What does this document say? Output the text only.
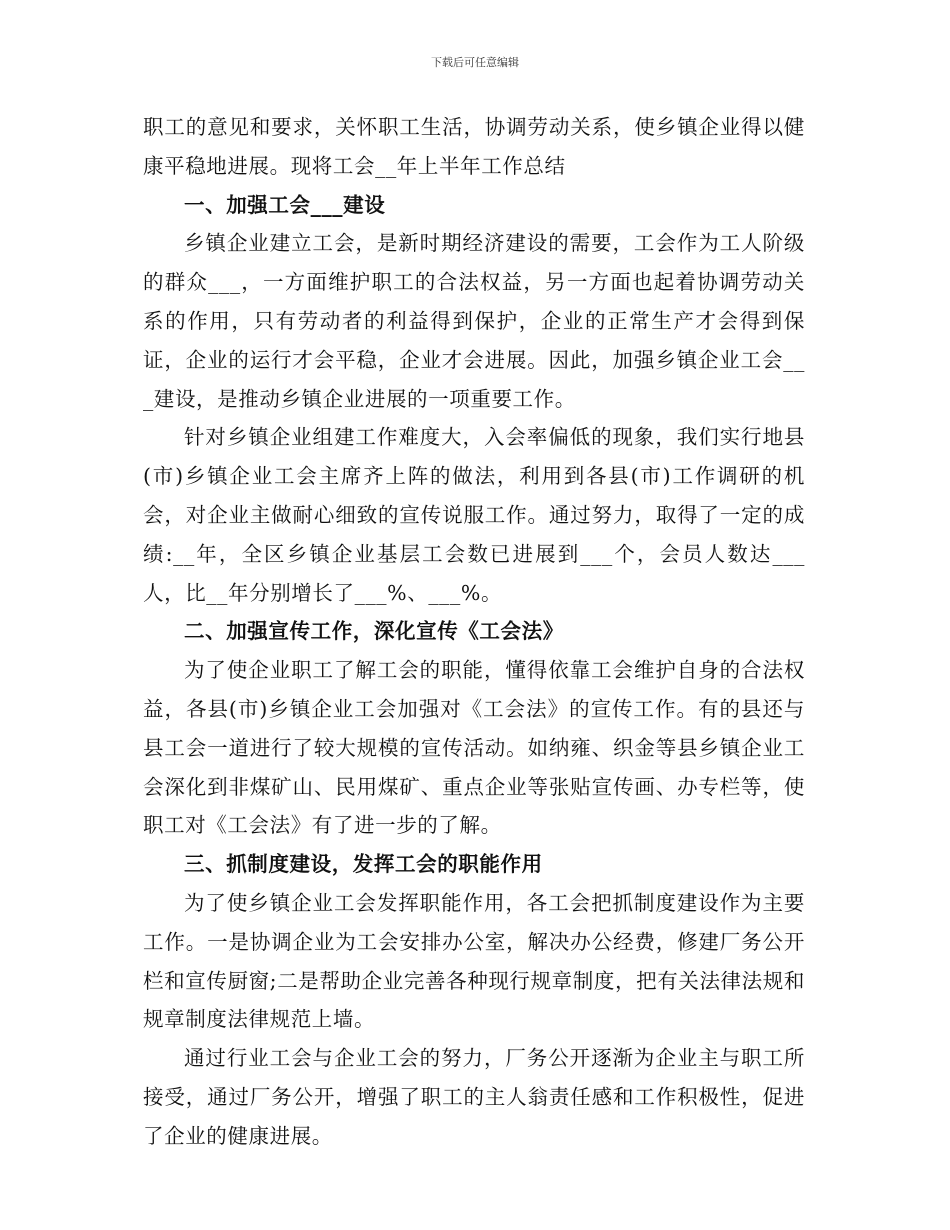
下载后可任意编辑

职工的意见和要求，关怀职工生活，协调劳动关系，使乡镇企业得以健康平稳地进展。现将工会__年上半年工作总结

一、加强工会___建设

乡镇企业建立工会，是新时期经济建设的需要，工会作为工人阶级的群众___，一方面维护职工的合法权益，另一方面也起着协调劳动关系的作用，只有劳动者的利益得到保护，企业的正常生产才会得到保证，企业的运行才会平稳，企业才会进展。因此，加强乡镇企业工会___建设，是推动乡镇企业进展的一项重要工作。

针对乡镇企业组建工作难度大，入会率偏低的现象，我们实行地县(市)乡镇企业工会主席齐上阵的做法，利用到各县(市)工作调研的机会，对企业主做耐心细致的宣传说服工作。通过努力，取得了一定的成绩:__年，全区乡镇企业基层工会数已进展到___个，会员人数达___人，比__年分别增长了___%、___%。

二、加强宣传工作，深化宣传《工会法》

为了使企业职工了解工会的职能，懂得依靠工会维护自身的合法权益，各县(市)乡镇企业工会加强对《工会法》的宣传工作。有的县还与县工会一道进行了较大规模的宣传活动。如纳雍、织金等县乡镇企业工会深化到非煤矿山、民用煤矿、重点企业等张贴宣传画、办专栏等，使职工对《工会法》有了进一步的了解。

三、抓制度建设，发挥工会的职能作用

为了使乡镇企业工会发挥职能作用，各工会把抓制度建设作为主要工作。一是协调企业为工会安排办公室，解决办公经费，修建厂务公开栏和宣传厨窗;二是帮助企业完善各种现行规章制度，把有关法律法规和规章制度法律规范上墙。

通过行业工会与企业工会的努力，厂务公开逐渐为企业主与职工所接受，通过厂务公开，增强了职工的主人翁责任感和工作积极性，促进了企业的健康进展。
